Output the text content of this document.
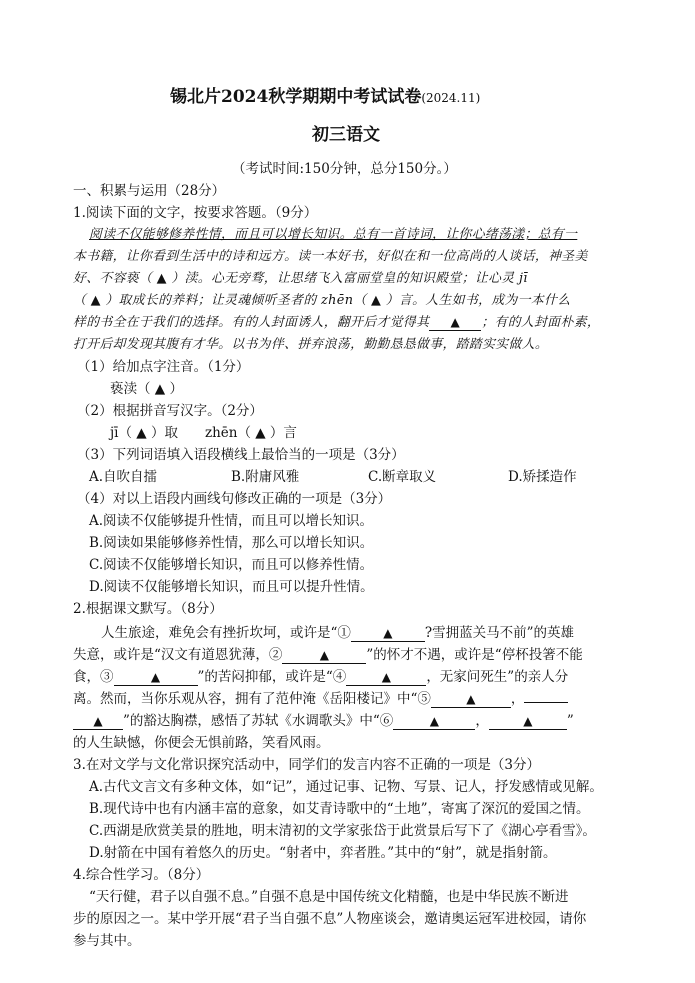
锡北片2024秋学期期中考试试卷(2024.11)
初三语文
（考试时间:150分钟，总分150分。）
一、积累与运用（28分）
1.阅读下面的文字，按要求答题。（9分）
阅读不仅能够修养性情，而且可以增长知识。总有一首诗词，让你心绪荡漾；总有一
本书籍，让你看到生活中的诗和远方。读一本好书，好似在和一位高尚的人谈话，神圣美
好、不容亵（ ▲ ）渎。心无旁骛，让思绪飞入富丽堂皇的知识殿堂；让心灵 jī
（ ▲ ）取成长的养料；让灵魂倾听圣者的 zhēn（ ▲ ）言。人生如书，成为一本什么
样的书全在于我们的选择。有的人封面诱人，翻开后才觉得其 ▲ ；有的人封面朴素，
打开后却发现其腹有才华。以书为伴、拼弃浪荡，勤勤恳恳做事，踏踏实实做人。
（1）给加点字注音。（1分）
亵渎（ ▲ ）
（2）根据拼音写汉字。（2分）
jī（ ▲ ）取　　zhēn（ ▲ ）言
（3）下列词语填入语段横线上最恰当的一项是（3分）
A.自吹自擂	B.附庸风雅	C.断章取义	D.矫揉造作
（4）对以上语段内画线句修改正确的一项是（3分）
A.阅读不仅能够提升性情，而且可以增长知识。
B.阅读如果能够修养性情，那么可以增长知识。
C.阅读不仅能够增长知识，而且可以修养性情。
D.阅读不仅能够增长知识，而且可以提升性情。
2.根据课文默写。（8分）
人生旅途，难免会有挫折坎坷，或许是“①	▲ ?雪拥蓝关马不前”的英雄
失意，或许是“汉文有道恩犹薄，②	▲	”的怀才不遇，或许是“停杯投箸不能
食，③	▲	”的苦闷抑郁，或许是“④	▲	，无家问死生”的亲人分
离。然而，当你乐观从容，拥有了范仲淹《岳阳楼记》中“⑤	▲	，
▲ ”的豁达胸襟，感悟了苏轼《水调歌头》中“⑥	▲	，	▲	”
的人生缺憾，你便会无惧前路，笑看风雨。
3.在对文学与文化常识探究活动中，同学们的发言内容不正确的一项是（3分）
A.古代文言文有多种文体，如“记”，通过记事、记物、写景、记人，抒发感情或见解。
B.现代诗中也有内涵丰富的意象，如艾青诗歌中的“土地”，寄寓了深沉的爱国之情。
C.西湖是欣赏美景的胜地，明末清初的文学家张岱于此赏景后写下了《湖心亭看雪》。
D.射箭在中国有着悠久的历史。“射者中，弈者胜。”其中的“射”，就是指射箭。
4.综合性学习。（8分）
“天行健，君子以自强不息。”自强不息是中国传统文化精髓，也是中华民族不断进
步的原因之一。某中学开展“君子当自强不息”人物座谈会，邀请奥运冠军进校园，请你
参与其中。
